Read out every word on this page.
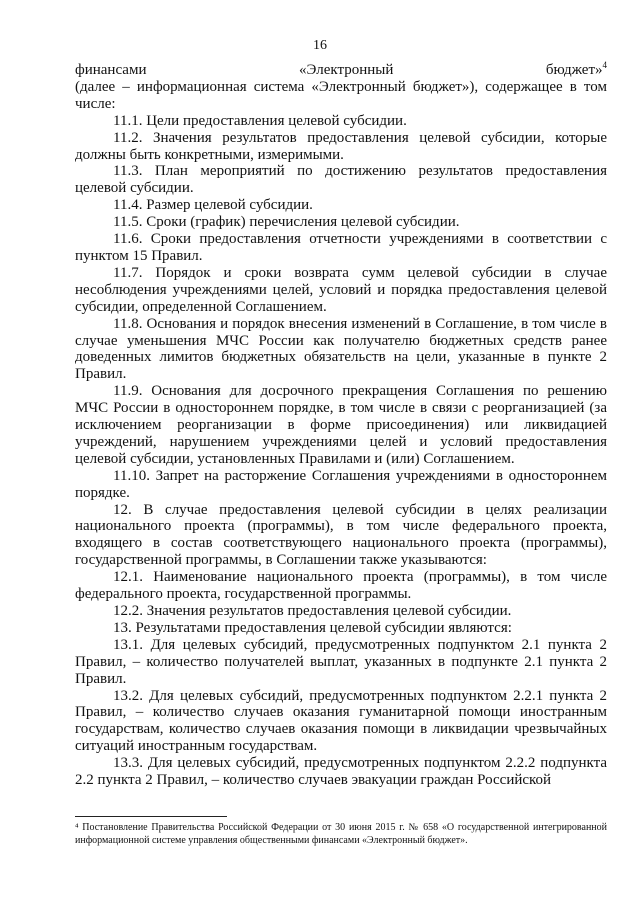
16

финансами «Электронный бюджет»$^4$

(далее – информационная система «Электронный бюджет»), содержащее в том числе:

11.1. Цели предоставления целевой субсидии.

11.2. Значения результатов предоставления целевой субсидии, которые должны быть конкретными, измеримыми.

11.3. План мероприятий по достижению результатов предоставления целевой субсидии.

11.4. Размер целевой субсидии.

11.5. Сроки (график) перечисления целевой субсидии.

11.6. Сроки предоставления отчетности учреждениями в соответствии с пунктом 15 Правил.

11.7. Порядок и сроки возврата сумм целевой субсидии в случае несоблюдения учреждениями целей, условий и порядка предоставления целевой субсидии, определенной Соглашением.

11.8. Основания и порядок внесения изменений в Соглашение, в том числе в случае уменьшения МЧС России как получателю бюджетных средств ранее доведенных лимитов бюджетных обязательств на цели, указанные в пункте 2 Правил.

11.9. Основания для досрочного прекращения Соглашения по решению МЧС России в одностороннем порядке, в том числе в связи с реорганизацией (за исключением реорганизации в форме присоединения) или ликвидацией учреждений, нарушением учреждениями целей и условий предоставления целевой субсидии, установленных Правилами и (или) Соглашением.

11.10. Запрет на расторжение Соглашения учреждениями в одностороннем порядке.

12. В случае предоставления целевой субсидии в целях реализации национального проекта (программы), в том числе федерального проекта, входящего в состав соответствующего национального проекта (программы), государственной программы, в Соглашении также указываются:

12.1. Наименование национального проекта (программы), в том числе федерального проекта, государственной программы.

12.2. Значения результатов предоставления целевой субсидии.

13. Результатами предоставления целевой субсидии являются:

13.1. Для целевых субсидий, предусмотренных подпунктом 2.1 пункта 2 Правил, – количество получателей выплат, указанных в подпункте 2.1 пункта 2 Правил.

13.2. Для целевых субсидий, предусмотренных подпунктом 2.2.1 пункта 2 Правил, – количество случаев оказания гуманитарной помощи иностранным государствам, количество случаев оказания помощи в ликвидации чрезвычайных ситуаций иностранным государствам.

13.3. Для целевых субсидий, предусмотренных подпунктом 2.2.2 подпункта 2.2 пункта 2 Правил, – количество случаев эвакуации граждан Российской

⁴ Постановление Правительства Российской Федерации от 30 июня 2015 г. № 658 «О государственной интегрированной информационной системе управления общественными финансами «Электронный бюджет».
